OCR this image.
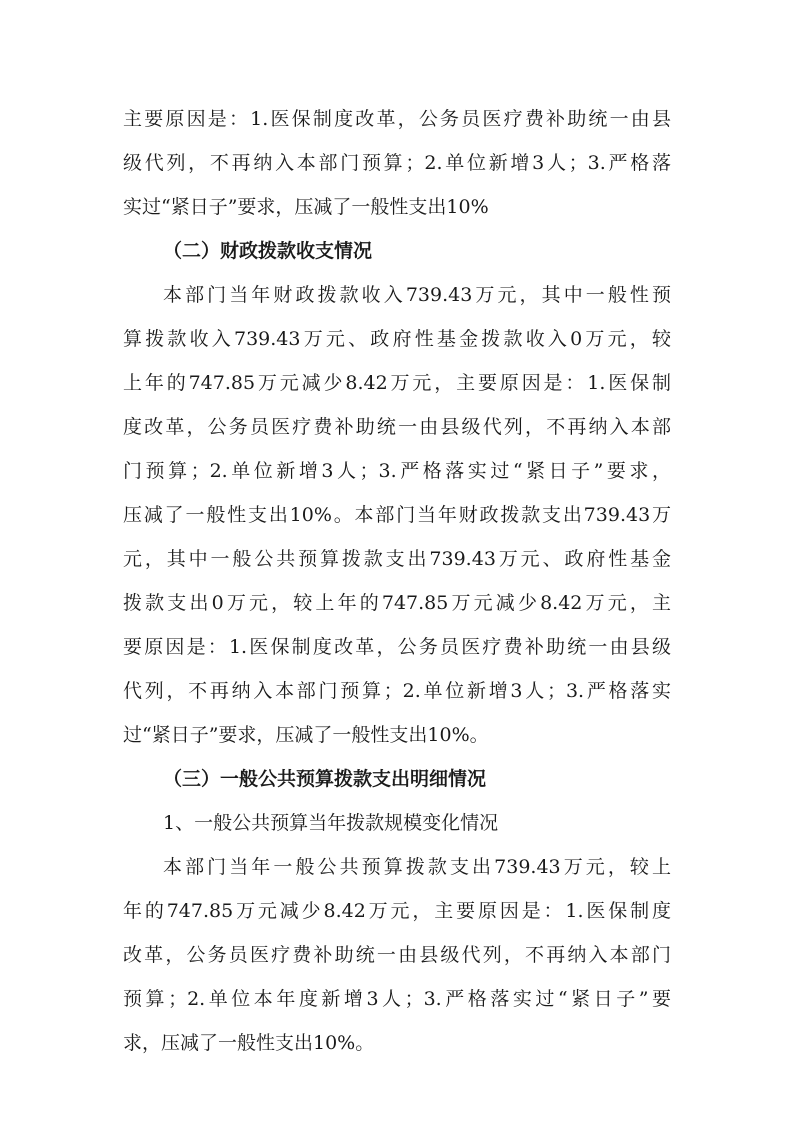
主要原因是：1.医保制度改革，公务员医疗费补助统一由县
级代列，不再纳入本部门预算；2.单位新增3人；3.严格落
实过“紧日子”要求，压减了一般性支出10%
（二）财政拨款收支情况
本部门当年财政拨款收入739.43万元，其中一般性预
算拨款收入739.43万元、政府性基金拨款收入0万元，较
上年的747.85万元减少8.42万元，主要原因是：1.医保制
度改革，公务员医疗费补助统一由县级代列，不再纳入本部
门预算；2.单位新增3人；3.严格落实过“紧日子”要求，
压减了一般性支出10%。本部门当年财政拨款支出739.43万
元，其中一般公共预算拨款支出739.43万元、政府性基金
拨款支出0万元，较上年的747.85万元减少8.42万元，主
要原因是：1.医保制度改革，公务员医疗费补助统一由县级
代列，不再纳入本部门预算；2.单位新增3人；3.严格落实
过“紧日子”要求，压减了一般性支出10%。
（三）一般公共预算拨款支出明细情况
1、一般公共预算当年拨款规模变化情况
本部门当年一般公共预算拨款支出739.43万元，较上
年的747.85万元减少8.42万元，主要原因是：1.医保制度
改革，公务员医疗费补助统一由县级代列，不再纳入本部门
预算；2.单位本年度新增3人；3.严格落实过“紧日子”要
求，压减了一般性支出10%。
